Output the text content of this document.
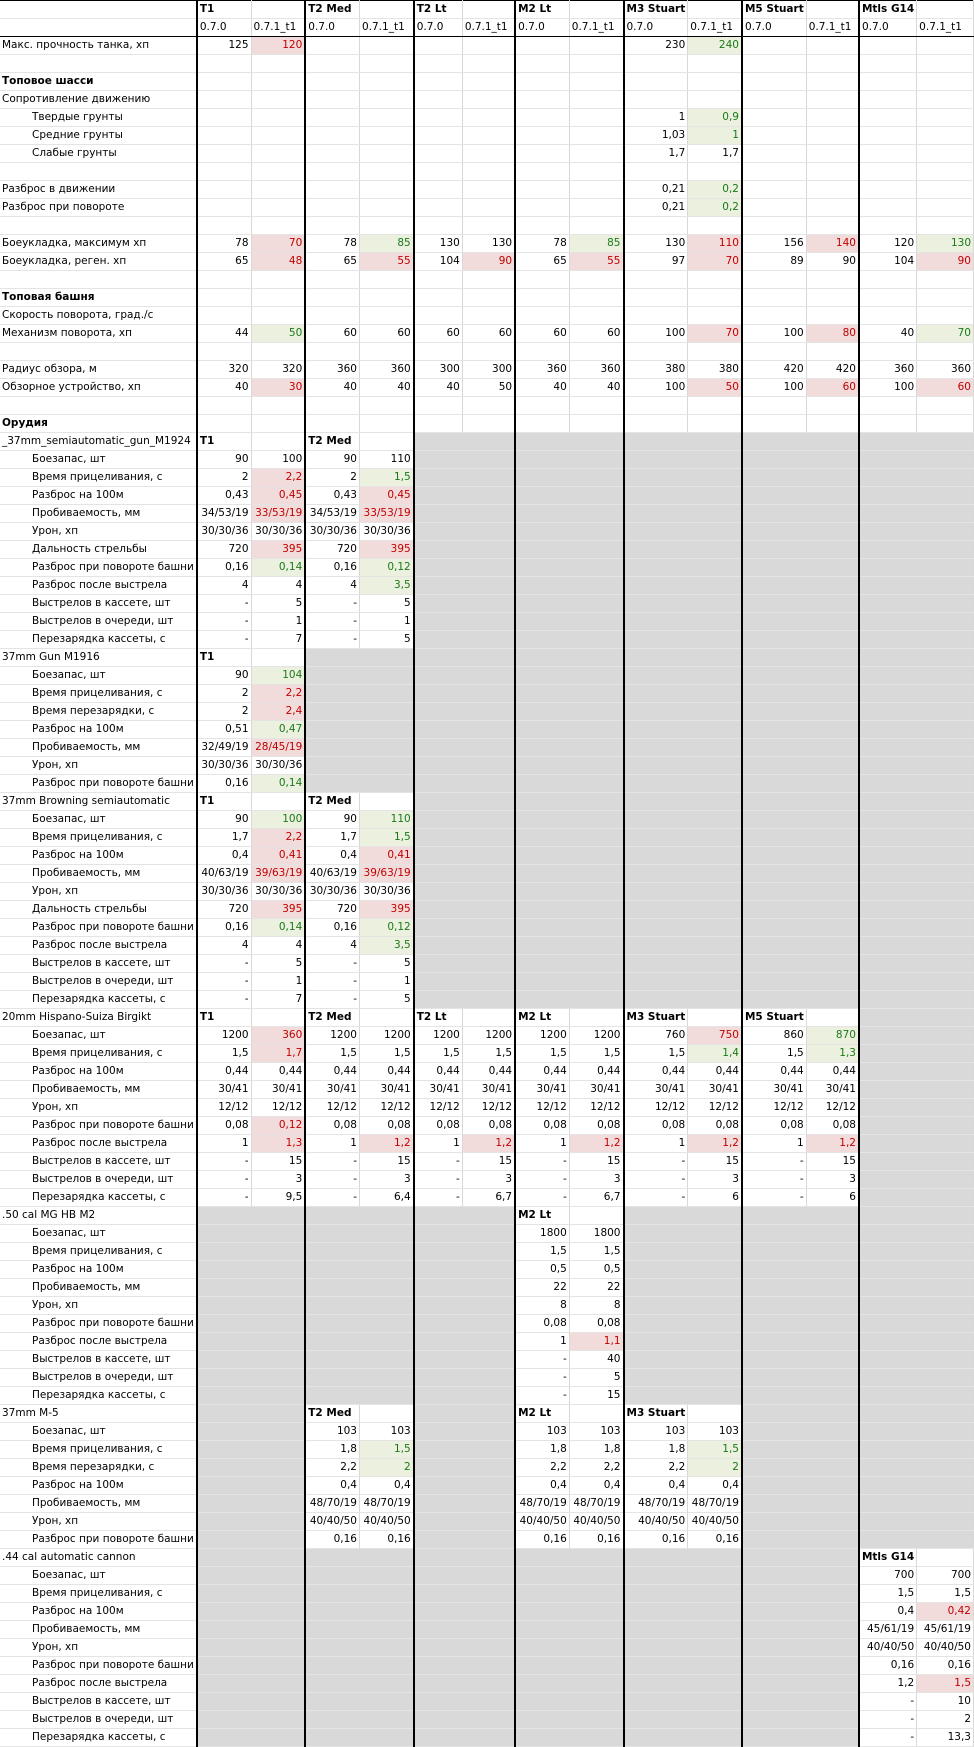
	T1		T2 Med		T2 Lt		M2 Lt		M3 Stuart		M5 Stuart		Mtls G14	
	0.7.0	0.7.1_t1	0.7.0	0.7.1_t1	0.7.0	0.7.1_t1	0.7.0	0.7.1_t1	0.7.0	0.7.1_t1	0.7.0	0.7.1_t1	0.7.0	0.7.1_t1
Макс. прочность танка, хп	125	120							230	240				

Топовое шасси														
Сопротивление движению														
Твердые грунты									1	0,9				
Средние грунты									1,03	1				
Слабые грунты									1,7	1,7				

Разброс в движении									0,21	0,2				
Разброс при повороте									0,21	0,2				

Боеукладка, максимум хп	78	70	78	85	130	130	78	85	130	110	156	140	120	130
Боеукладка, реген. хп	65	48	65	55	104	90	65	55	97	70	89	90	104	90

Топовая башня														
Скорость поворота, град./с														
Механизм поворота, хп	44	50	60	60	60	60	60	60	100	70	100	80	40	70

Радиус обзора, м	320	320	360	360	300	300	360	360	380	380	420	420	360	360
Обзорное устройство, хп	40	30	40	40	40	50	40	40	100	50	100	60	100	60

Орудия														
_37mm_semiautomatic_gun_M1924	T1		T2 Med											
Боезапас, шт	90	100	90	110										
Время прицеливания, с	2	2,2	2	1,5										
Разброс на 100м	0,43	0,45	0,43	0,45										
Пробиваемость, мм	34/53/19	33/53/19	34/53/19	33/53/19										
Урон, хп	30/30/36	30/30/36	30/30/36	30/30/36										
Дальность стрельбы	720	395	720	395										
Разброс при повороте башни	0,16	0,14	0,16	0,12										
Разброс после выстрела	4	4	4	3,5										
Выстрелов в кассете, шт	-	5	-	5										
Выстрелов в очереди, шт	-	1	-	1										
Перезарядка кассеты, с	-	7	-	5										
37mm Gun M1916	T1													
Боезапас, шт	90	104												
Время прицеливания, с	2	2,2												
Время перезарядки, с	2	2,4												
Разброс на 100м	0,51	0,47												
Пробиваемость, мм	32/49/19	28/45/19												
Урон, хп	30/30/36	30/30/36												
Разброс при повороте башни	0,16	0,14												
37mm Browning semiautomatic	T1		T2 Med											
Боезапас, шт	90	100	90	110										
Время прицеливания, с	1,7	2,2	1,7	1,5										
Разброс на 100м	0,4	0,41	0,4	0,41										
Пробиваемость, мм	40/63/19	39/63/19	40/63/19	39/63/19										
Урон, хп	30/30/36	30/30/36	30/30/36	30/30/36										
Дальность стрельбы	720	395	720	395										
Разброс при повороте башни	0,16	0,14	0,16	0,12										
Разброс после выстрела	4	4	4	3,5										
Выстрелов в кассете, шт	-	5	-	5										
Выстрелов в очереди, шт	-	1	-	1										
Перезарядка кассеты, с	-	7	-	5										
20mm Hispano-Suiza Birgikt	T1		T2 Med		T2 Lt		M2 Lt		M3 Stuart		M5 Stuart			
Боезапас, шт	1200	360	1200	1200	1200	1200	1200	1200	760	750	860	870		
Время прицеливания, с	1,5	1,7	1,5	1,5	1,5	1,5	1,5	1,5	1,5	1,4	1,5	1,3		
Разброс на 100м	0,44	0,44	0,44	0,44	0,44	0,44	0,44	0,44	0,44	0,44	0,44	0,44		
Пробиваемость, мм	30/41	30/41	30/41	30/41	30/41	30/41	30/41	30/41	30/41	30/41	30/41	30/41		
Урон, хп	12/12	12/12	12/12	12/12	12/12	12/12	12/12	12/12	12/12	12/12	12/12	12/12		
Разброс при повороте башни	0,08	0,12	0,08	0,08	0,08	0,08	0,08	0,08	0,08	0,08	0,08	0,08		
Разброс после выстрела	1	1,3	1	1,2	1	1,2	1	1,2	1	1,2	1	1,2		
Выстрелов в кассете, шт	-	15	-	15	-	15	-	15	-	15	-	15		
Выстрелов в очереди, шт	-	3	-	3	-	3	-	3	-	3	-	3		
Перезарядка кассеты, с	-	9,5	-	6,4	-	6,7	-	6,7	-	6	-	6		
.50 cal MG HB M2							M2 Lt							
Боезапас, шт							1800	1800						
Время прицеливания, с							1,5	1,5						
Разброс на 100м							0,5	0,5						
Пробиваемость, мм							22	22						
Урон, хп							8	8						
Разброс при повороте башни							0,08	0,08						
Разброс после выстрела							1	1,1						
Выстрелов в кассете, шт							-	40						
Выстрелов в очереди, шт							-	5						
Перезарядка кассеты, с							-	15						
37mm M-5			T2 Med				M2 Lt		M3 Stuart					
Боезапас, шт			103	103			103	103	103	103				
Время прицеливания, с			1,8	1,5			1,8	1,8	1,8	1,5				
Время перезарядки, с			2,2	2			2,2	2,2	2,2	2				
Разброс на 100м			0,4	0,4			0,4	0,4	0,4	0,4				
Пробиваемость, мм			48/70/19	48/70/19			48/70/19	48/70/19	48/70/19	48/70/19				
Урон, хп			40/40/50	40/40/50			40/40/50	40/40/50	40/40/50	40/40/50				
Разброс при повороте башни			0,16	0,16			0,16	0,16	0,16	0,16				
.44 cal automatic cannon													Mtls G14	
Боезапас, шт													700	700
Время прицеливания, с													1,5	1,5
Разброс на 100м													0,4	0,42
Пробиваемость, мм													45/61/19	45/61/19
Урон, хп													40/40/50	40/40/50
Разброс при повороте башни													0,16	0,16
Разброс после выстрела													1,2	1,5
Выстрелов в кассете, шт													-	10
Выстрелов в очереди, шт													-	2
Перезарядка кассеты, с													-	13,3
